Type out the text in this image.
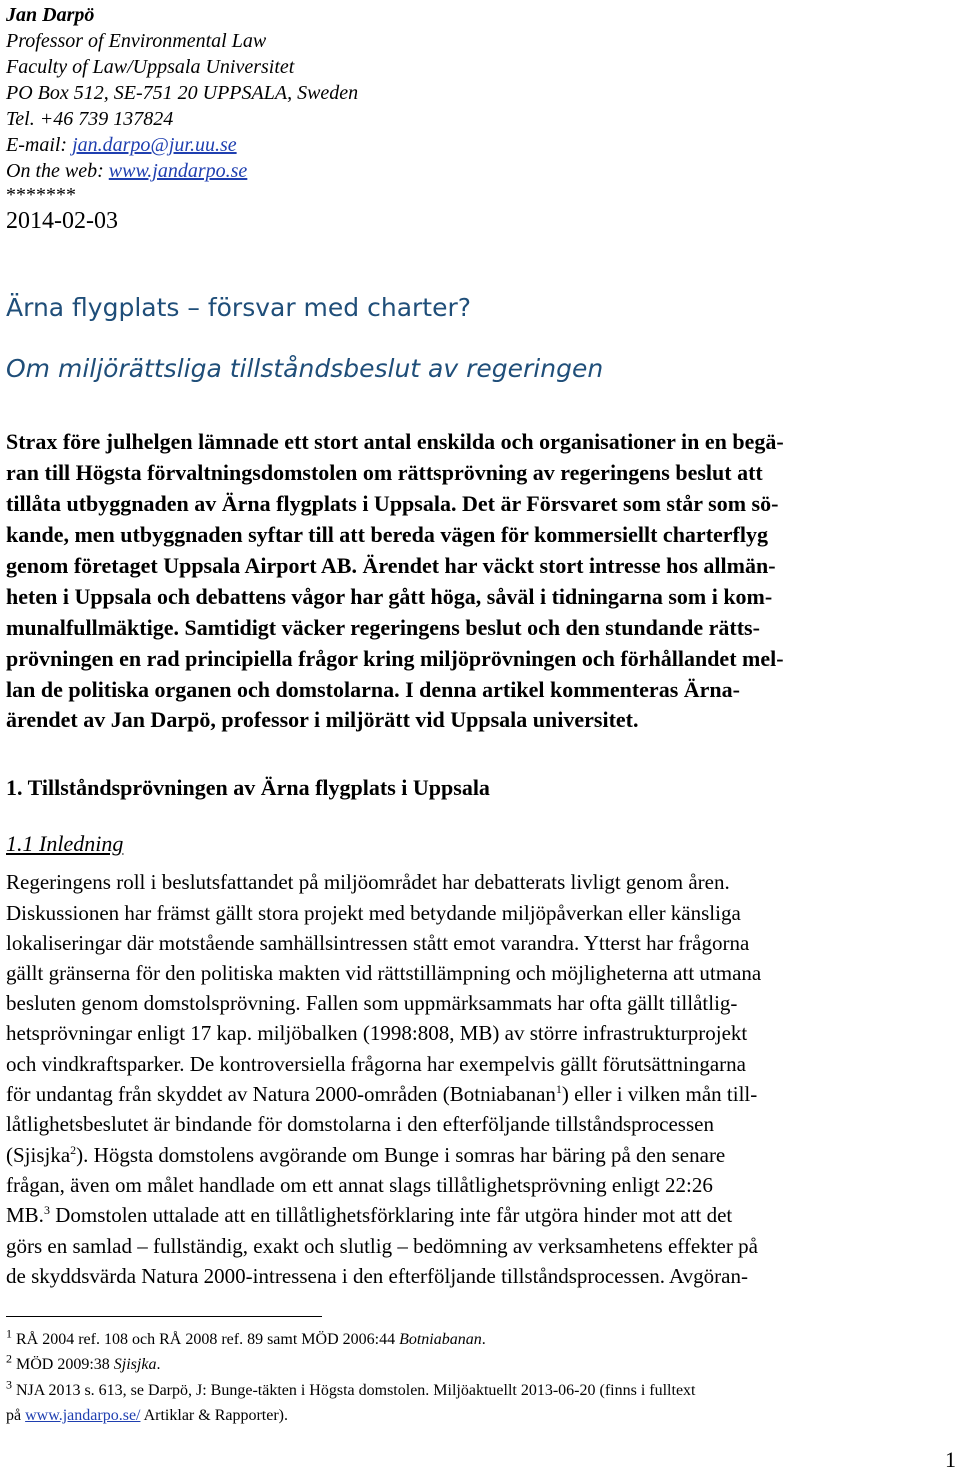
Jan Darpö
Professor of Environmental Law
Faculty of Law/Uppsala Universitet
PO Box 512, SE-751 20 UPPSALA, Sweden
Tel. +46 739 137824
E-mail: jan.darpo@jur.uu.se
On the web: www.jandarpo.se
*******
2014-02-03
Ärna flygplats – försvar med charter?
Om miljörättsliga tillståndsbeslut av regeringen
Strax före julhelgen lämnade ett stort antal enskilda och organisationer in en begä-
ran till Högsta förvaltningsdomstolen om rättsprövning av regeringens beslut att
tillåta utbyggnaden av Ärna flygplats i Uppsala. Det är Försvaret som står som sö-
kande, men utbyggnaden syftar till att bereda vägen för kommersiellt charterflyg
genom företaget Uppsala Airport AB. Ärendet har väckt stort intresse hos allmän-
heten i Uppsala och debattens vågor har gått höga, såväl i tidningarna som i kom-
munalfullmäktige. Samtidigt väcker regeringens beslut och den stundande rätts-
prövningen en rad principiella frågor kring miljöprövningen och förhållandet mel-
lan de politiska organen och domstolarna. I denna artikel kommenteras Ärna-
ärendet av Jan Darpö, professor i miljörätt vid Uppsala universitet.
1. Tillståndsprövningen av Ärna flygplats i Uppsala
1.1 Inledning
Regeringens roll i beslutsfattandet på miljöområdet har debatterats livligt genom åren.
Diskussionen har främst gällt stora projekt med betydande miljöpåverkan eller känsliga
lokaliseringar där motstående samhällsintressen stått emot varandra. Ytterst har frågorna
gällt gränserna för den politiska makten vid rättstillämpning och möjligheterna att utmana
besluten genom domstolsprövning. Fallen som uppmärksammats har ofta gällt tillåtlig-
hetsprövningar enligt 17 kap. miljöbalken (1998:808, MB) av större infrastrukturprojekt
och vindkraftsparker. De kontroversiella frågorna har exempelvis gällt förutsättningarna
för undantag från skyddet av Natura 2000-områden (Botniabanan$^1$) eller i vilken mån till-
låtlighetsbeslutet är bindande för domstolarna i den efterföljande tillståndsprocessen
(Sjisjka$^2$). Högsta domstolens avgörande om Bunge i somras har bäring på den senare
frågan, även om målet handlade om ett annat slags tillåtlighetsprövning enligt 22:26
MB.$^3$ Domstolen uttalade att en tillåtlighetsförklaring inte får utgöra hinder mot att det
görs en samlad – fullständig, exakt och slutlig – bedömning av verksamhetens effekter på
de skyddsvärda Natura 2000-intressena i den efterföljande tillståndsprocessen. Avgöran-
$^1$ RÅ 2004 ref. 108 och RÅ 2008 ref. 89 samt MÖD 2006:44 Botniabanan.
$^2$ MÖD 2009:38 Sjisjka.
$^3$ NJA 2013 s. 613, se Darpö, J: Bunge-täkten i Högsta domstolen. Miljöaktuellt 2013-06-20 (finns i fulltext
på www.jandarpo.se/ Artiklar & Rapporter).
1
